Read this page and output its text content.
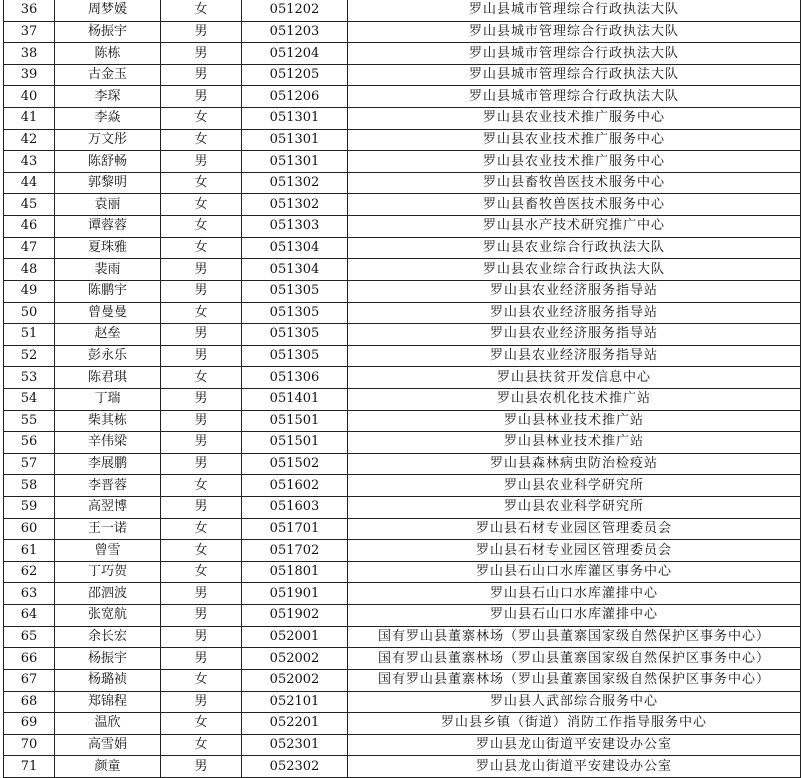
36	周梦媛	女	051202	罗山县城市管理综合行政执法大队
37	杨振宇	男	051203	罗山县城市管理综合行政执法大队
38	陈栋	男	051204	罗山县城市管理综合行政执法大队
39	古金玉	男	051205	罗山县城市管理综合行政执法大队
40	李琛	男	051206	罗山县城市管理综合行政执法大队
41	李焱	女	051301	罗山县农业技术推广服务中心
42	万文彤	女	051301	罗山县农业技术推广服务中心
43	陈舒畅	男	051301	罗山县农业技术推广服务中心
44	郭黎明	女	051302	罗山县畜牧兽医技术服务中心
45	袁丽	女	051302	罗山县畜牧兽医技术服务中心
46	谭蓉蓉	女	051303	罗山县水产技术研究推广中心
47	夏珠雅	女	051304	罗山县农业综合行政执法大队
48	裴雨	男	051304	罗山县农业综合行政执法大队
49	陈鹏宇	男	051305	罗山县农业经济服务指导站
50	曾曼曼	女	051305	罗山县农业经济服务指导站
51	赵垒	男	051305	罗山县农业经济服务指导站
52	彭永乐	男	051305	罗山县农业经济服务指导站
53	陈君琪	女	051306	罗山县扶贫开发信息中心
54	丁瑞	男	051401	罗山县农机化技术推广站
55	柴其栋	男	051501	罗山县林业技术推广站
56	辛伟梁	男	051501	罗山县林业技术推广站
57	李展鹏	男	051502	罗山县森林病虫防治检疫站
58	李晋蓉	女	051602	罗山县农业科学研究所
59	高翌博	男	051603	罗山县农业科学研究所
60	王一诺	女	051701	罗山县石材专业园区管理委员会
61	曾雪	女	051702	罗山县石材专业园区管理委员会
62	丁巧贺	女	051801	罗山县石山口水库灌区事务中心
63	邵泗波	男	051901	罗山县石山口水库灌排中心
64	张宽航	男	051902	罗山县石山口水库灌排中心
65	余长宏	男	052001	国有罗山县董寨林场（罗山县董寨国家级自然保护区事务中心）
66	杨振宇	男	052002	国有罗山县董寨林场（罗山县董寨国家级自然保护区事务中心）
67	杨璐祯	女	052002	国有罗山县董寨林场（罗山县董寨国家级自然保护区事务中心）
68	郑锦程	男	052101	罗山县人武部综合服务中心
69	温欣	女	052201	罗山县乡镇（街道）消防工作指导服务中心
70	高雪娟	女	052301	罗山县龙山街道平安建设办公室
71	颜童	男	052302	罗山县龙山街道平安建设办公室
